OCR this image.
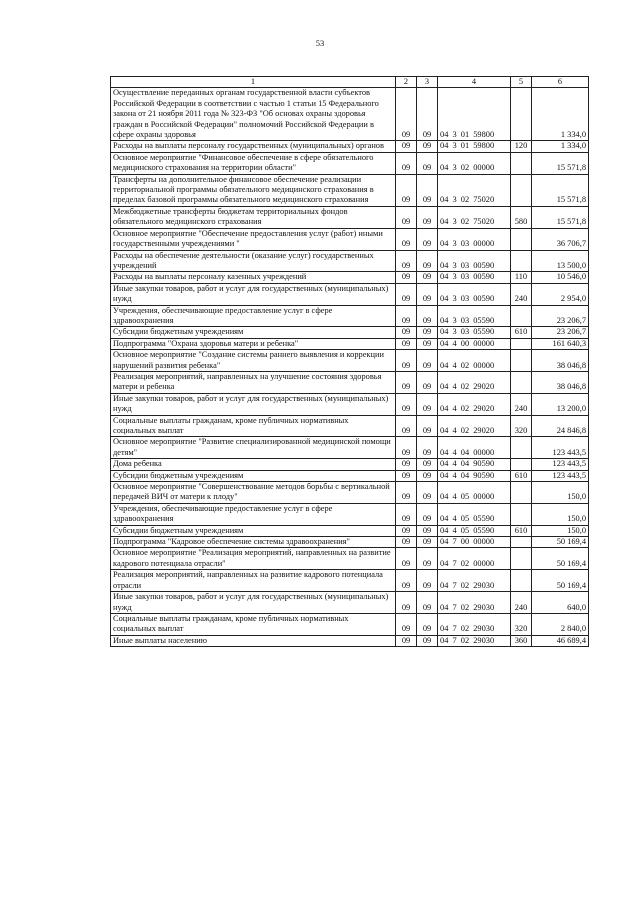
53
1	2	3	4	5	6
Осуществление переданных органам государственной власти субъектов Российской Федерации в соответствии с частью 1 статьи 15 Федерального закона от 21 ноября 2011 года № 323-ФЗ "Об основах охраны здоровья граждан в Российской Федерации" полномочий Российской Федерации в сфере охраны здоровья	09	09	04 3 01 59800		1 334,0
Расходы на выплаты персоналу государственных (муниципальных) органов	09	09	04 3 01 59800	120	1 334,0
Основное мероприятие "Финансовое обеспечение в сфере обязательного медицинского страхования на территории области"	09	09	04 3 02 00000		15 571,8
Трансферты на дополнительное финансовое обеспечение реализации территориальной программы обязательного медицинского страхования в пределах базовой программы обязательного медицинского страхования	09	09	04 3 02 75020		15 571,8
Межбюджетные трансферты бюджетам территориальных фондов обязательного медицинского страхования	09	09	04 3 02 75020	580	15 571,8
Основное мероприятие "Обеспечение предоставления услуг (работ) иными государственными учреждениями "	09	09	04 3 03 00000		36 706,7
Расходы на обеспечение деятельности (оказание услуг) государственных учреждений	09	09	04 3 03 00590		13 500,0
Расходы на выплаты персоналу казенных учреждений	09	09	04 3 03 00590	110	10 546,0
Иные закупки товаров, работ и услуг для государственных (муниципальных) нужд	09	09	04 3 03 00590	240	2 954,0
Учреждения, обеспечивающие предоставление услуг в сфере здравоохранения	09	09	04 3 03 05590		23 206,7
Субсидии бюджетным учреждениям	09	09	04 3 03 05590	610	23 206,7
Подпрограмма "Охрана здоровья матери и ребенка"	09	09	04 4 00 00000		161 640,3
Основное мероприятие "Создание системы раннего выявления и коррекции нарушений развития ребенка"	09	09	04 4 02 00000		38 046,8
Реализация мероприятий, направленных на улучшение состояния здоровья матери и ребенка	09	09	04 4 02 29020		38 046,8
Иные закупки товаров, работ и услуг для государственных (муниципальных) нужд	09	09	04 4 02 29020	240	13 200,0
Социальные выплаты гражданам, кроме публичных нормативных социальных выплат	09	09	04 4 02 29020	320	24 846,8
Основное мероприятие "Развитие специализированной медицинской помощи детям"	09	09	04 4 04 00000		123 443,5
Дома ребенка	09	09	04 4 04 90590		123 443,5
Субсидии бюджетным учреждениям	09	09	04 4 04 90590	610	123 443,5
Основное мероприятие "Совершенствование методов борьбы с вертикальной передачей ВИЧ от матери к плоду"	09	09	04 4 05 00000		150,0
Учреждения, обеспечивающие предоставление услуг в сфере здравоохранения	09	09	04 4 05 05590		150,0
Субсидии бюджетным учреждениям	09	09	04 4 05 05590	610	150,0
Подпрограмма "Кадровое обеспечение системы здравоохранения"	09	09	04 7 00 00000		50 169,4
Основное мероприятие "Реализация мероприятий, направленных на развитие кадрового потенциала отрасли"	09	09	04 7 02 00000		50 169,4
Реализация мероприятий, направленных на развитие кадрового потенциала отрасли	09	09	04 7 02 29030		50 169,4
Иные закупки товаров, работ и услуг для государственных (муниципальных) нужд	09	09	04 7 02 29030	240	640,0
Социальные выплаты гражданам, кроме публичных нормативных социальных выплат	09	09	04 7 02 29030	320	2 840,0
Иные выплаты населению	09	09	04 7 02 29030	360	46 689,4
